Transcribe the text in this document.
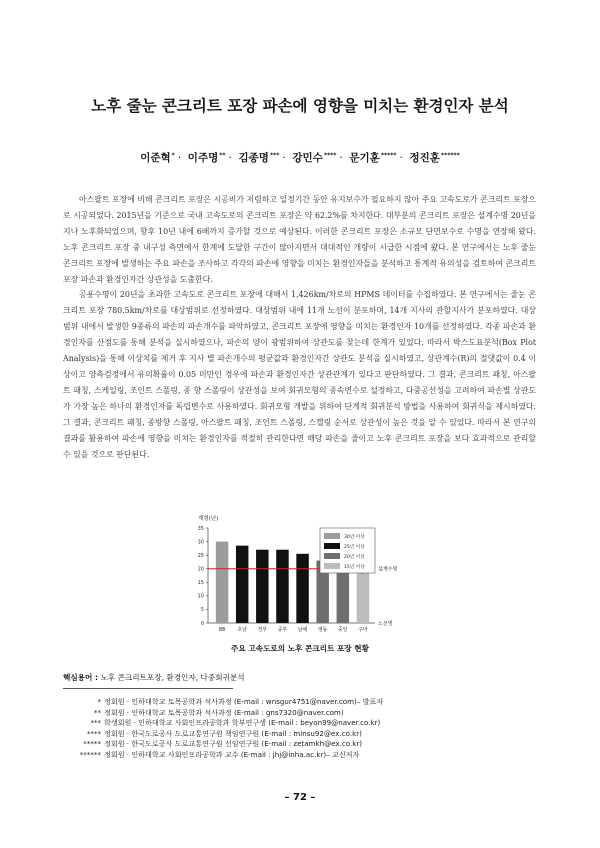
노후 줄눈 콘크리트 포장 파손에 영향을 미치는 환경인자 분석
이준혁* · 이주명** · 김종명*** · 강민수**** · 문기훈***** · 정진훈******

아스팔트 포장에 비해 콘크리트 포장은 시공비가 저렴하고 일정기간 동안 유지보수가 필요하지 않아 주요 고속도로가 콘크리트 포장으로 시공되었다. 2015년을 기준으로 국내 고속도로의 콘크리트 포장은 약 62.2%를 차지한다. 대부분의 콘크리트 포장은 설계수명 20년을 지나 노후화되었으며, 향후 10년 내에 6배까지 증가할 것으로 예상된다. 이러한 콘크리트 포장은 소규모 단면보수로 수명을 연장해 왔다. 노후 콘크리트 포장 중 내구성 측면에서 한계에 도달한 구간이 많아지면서 대대적인 개량이 시급한 시점에 왔다. 본 연구에서는 노후 줄눈 콘크리트 포장에 발생하는 주요 파손을 조사하고 각각의 파손에 영향을 미치는 환경인자들을 분석하고 통계적 유의성을 검토하여 콘크리트 포장 파손과 환경인자간 상관성을 도출한다.

공용수명이 20년을 초과한 고속도로 콘크리트 포장에 대해서 1,426km/차로의 HPMS 데이터를 수집하였다. 본 연구에서는 줄눈 콘크리트 포장 780.5km/차로를 대상범위로 선정하였다. 대상범위 내에 11개 노선이 분포하며, 14개 지사의 관할지사가 분포하였다. 대상 범위 내에서 발생한 9종류의 파손의 파손개수를 파악하였고, 콘크리트 포장에 영향을 미치는 환경인자 10개를 선정하였다. 각종 파손과 환경인자를 산점도를 통해 분석을 실시하였으나, 파손의 양이 광범위하여 상관도를 찾는데 한계가 있었다. 따라서 박스도표분석(Box Plot Analysis)을 통해 이상치를 제거 후 지사 별 파손개수의 평균값과 환경인자간 상관도 분석을 실시하였고, 상관계수(R)의 절댓값이 0.4 이상이고 양측검정에서 유의확률이 0.05 미만인 경우에 파손과 환경인자간 상관관계가 있다고 판단하였다. 그 결과, 콘크리트 패칭, 아스팔트 패칭, 스케일링, 조인트 스폴링, 종 향 스폴링이 상관성을 보여 회귀모형의 종속변수로 설정하고, 다중공선성을 고려하여 파손별 상관도가 가장 높은 하나의 환경인자를 독립변수로 사용하였다. 회귀모형 개발을 위하여 단계적 회귀분석 방법을 사용하여 회귀식을 제시하였다. 그 결과, 콘크리트 패칭, 종방향 스폴링, 아스팔트 패칭, 조인트 스폴링, 스캘링 순서로 상관성이 높은 것을 알 수 있었다. 따라서 본 연구의 결과를 활용하여 파손에 영향을 미치는 환경인자를 적절히 관리한다면 해당 파손을 줄이고 노후 콘크리트 포장을 보다 효과적으로 관리할 수 있을 것으로 판단된다.

계령(년)
0
5
10
15
20
25
30
35
88 호남 경부 중부 남해 영동 중앙 구마
설계수명
노선명
30년 이상
25년 이상
20년 이상
15년 이상
주요 고속도로의 노후 콘크리트 포장 현황
핵심용어 : 노후 콘크리트포장, 환경인자, 다중회귀분석
* 정회원 · 인하대학교 토목공학과 석사과정 (E-mail : wnsgur4751@naver.com)– 발표자
** 정회원 · 인하대학교 토목공학과 석사과정 (E-mail : gns7320@naver.com)
*** 학생회원 · 인하대학교 사회인프라공학과 학부연구생 (E-mail : beyon99@naver.co.kr)
**** 정회원 · 한국도로공사 도로교통연구원 책임연구원 (E-mail : minsu92@ex.co.kr)
***** 정회원 · 한국도로공사 도로교통연구원 선임연구원 (E-mail : zetamkh@ex.co.kr)
****** 정회원 · 인하대학교 사회인프라공학과 교수 (E-mail : jhj@inha.ac.kr)– 교신저자
– 72 –
